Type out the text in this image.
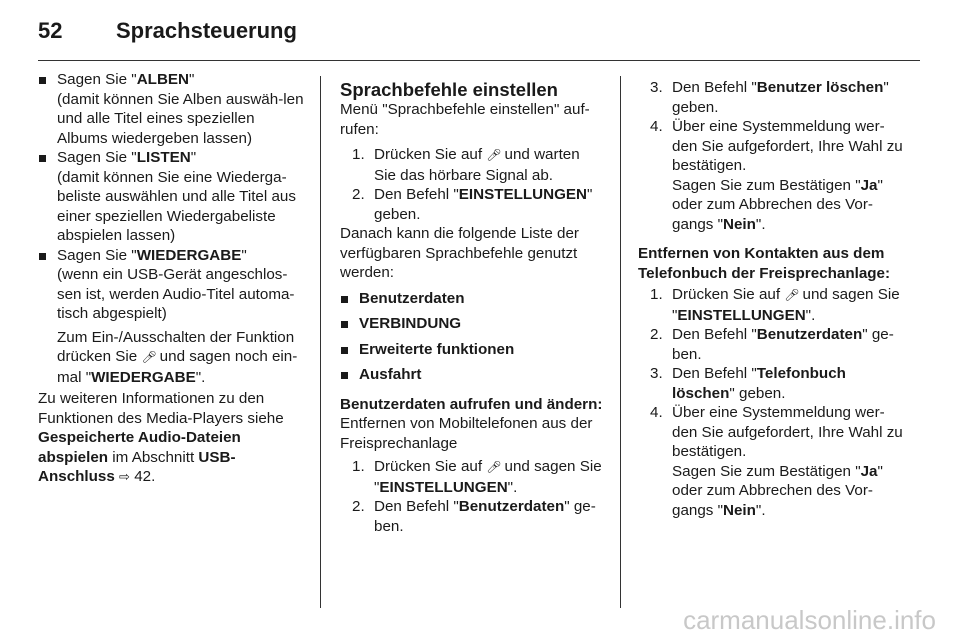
52 Sprachsteuerung

Sagen Sie "ALBEN"

(damit können Sie Alben auswäh-len und alle Titel eines speziellen Albums wiedergeben lassen)

Sagen Sie "LISTEN"

(damit können Sie eine Wiederga-beliste auswählen und alle Titel aus einer speziellen Wiedergabeliste abspielen lassen)

Sagen Sie "WIEDERGABE"

(wenn ein USB-Gerät angeschlos-sen ist, werden Audio-Titel automa-tisch abgespielt)

Zum Ein-/Ausschalten der Funktion drücken Sie 🎤︎ und sagen noch ein-mal "WIEDERGABE".

Zu weiteren Informationen zu den Funktionen des Media-Players siehe Gespeicherte Audio-Dateien abspielen im Abschnitt USB-Anschluss ⇨ 42.

Sprachbefehle einstellen

Menü "Sprachbefehle einstellen" auf-rufen:

1. Drücken Sie auf 🎤︎ und warten Sie das hörbare Signal ab.

2. Den Befehl "EINSTELLUNGEN" geben.

Danach kann die folgende Liste der verfügbaren Sprachbefehle genutzt werden:

Benutzerdaten

VERBINDUNG

Erweiterte funktionen

Ausfahrt

Benutzerdaten aufrufen und ändern:

Entfernen von Mobiltelefonen aus der Freisprechanlage

1. Drücken Sie auf 🎤︎ und sagen Sie "EINSTELLUNGEN".

2. Den Befehl "Benutzerdaten" ge-ben.

3. Den Befehl "Benutzer löschen" geben.

4. Über eine Systemmeldung wer-den Sie aufgefordert, Ihre Wahl zu bestätigen.

Sagen Sie zum Bestätigen "Ja" oder zum Abbrechen des Vor-gangs "Nein".

Entfernen von Kontakten aus dem Telefonbuch der Freisprechanlage:

1. Drücken Sie auf 🎤︎ und sagen Sie "EINSTELLUNGEN".

2. Den Befehl "Benutzerdaten" ge-ben.

3. Den Befehl "Telefonbuch löschen" geben.

4. Über eine Systemmeldung wer-den Sie aufgefordert, Ihre Wahl zu bestätigen.

Sagen Sie zum Bestätigen "Ja" oder zum Abbrechen des Vor-gangs "Nein".

carmanualsonline.info
